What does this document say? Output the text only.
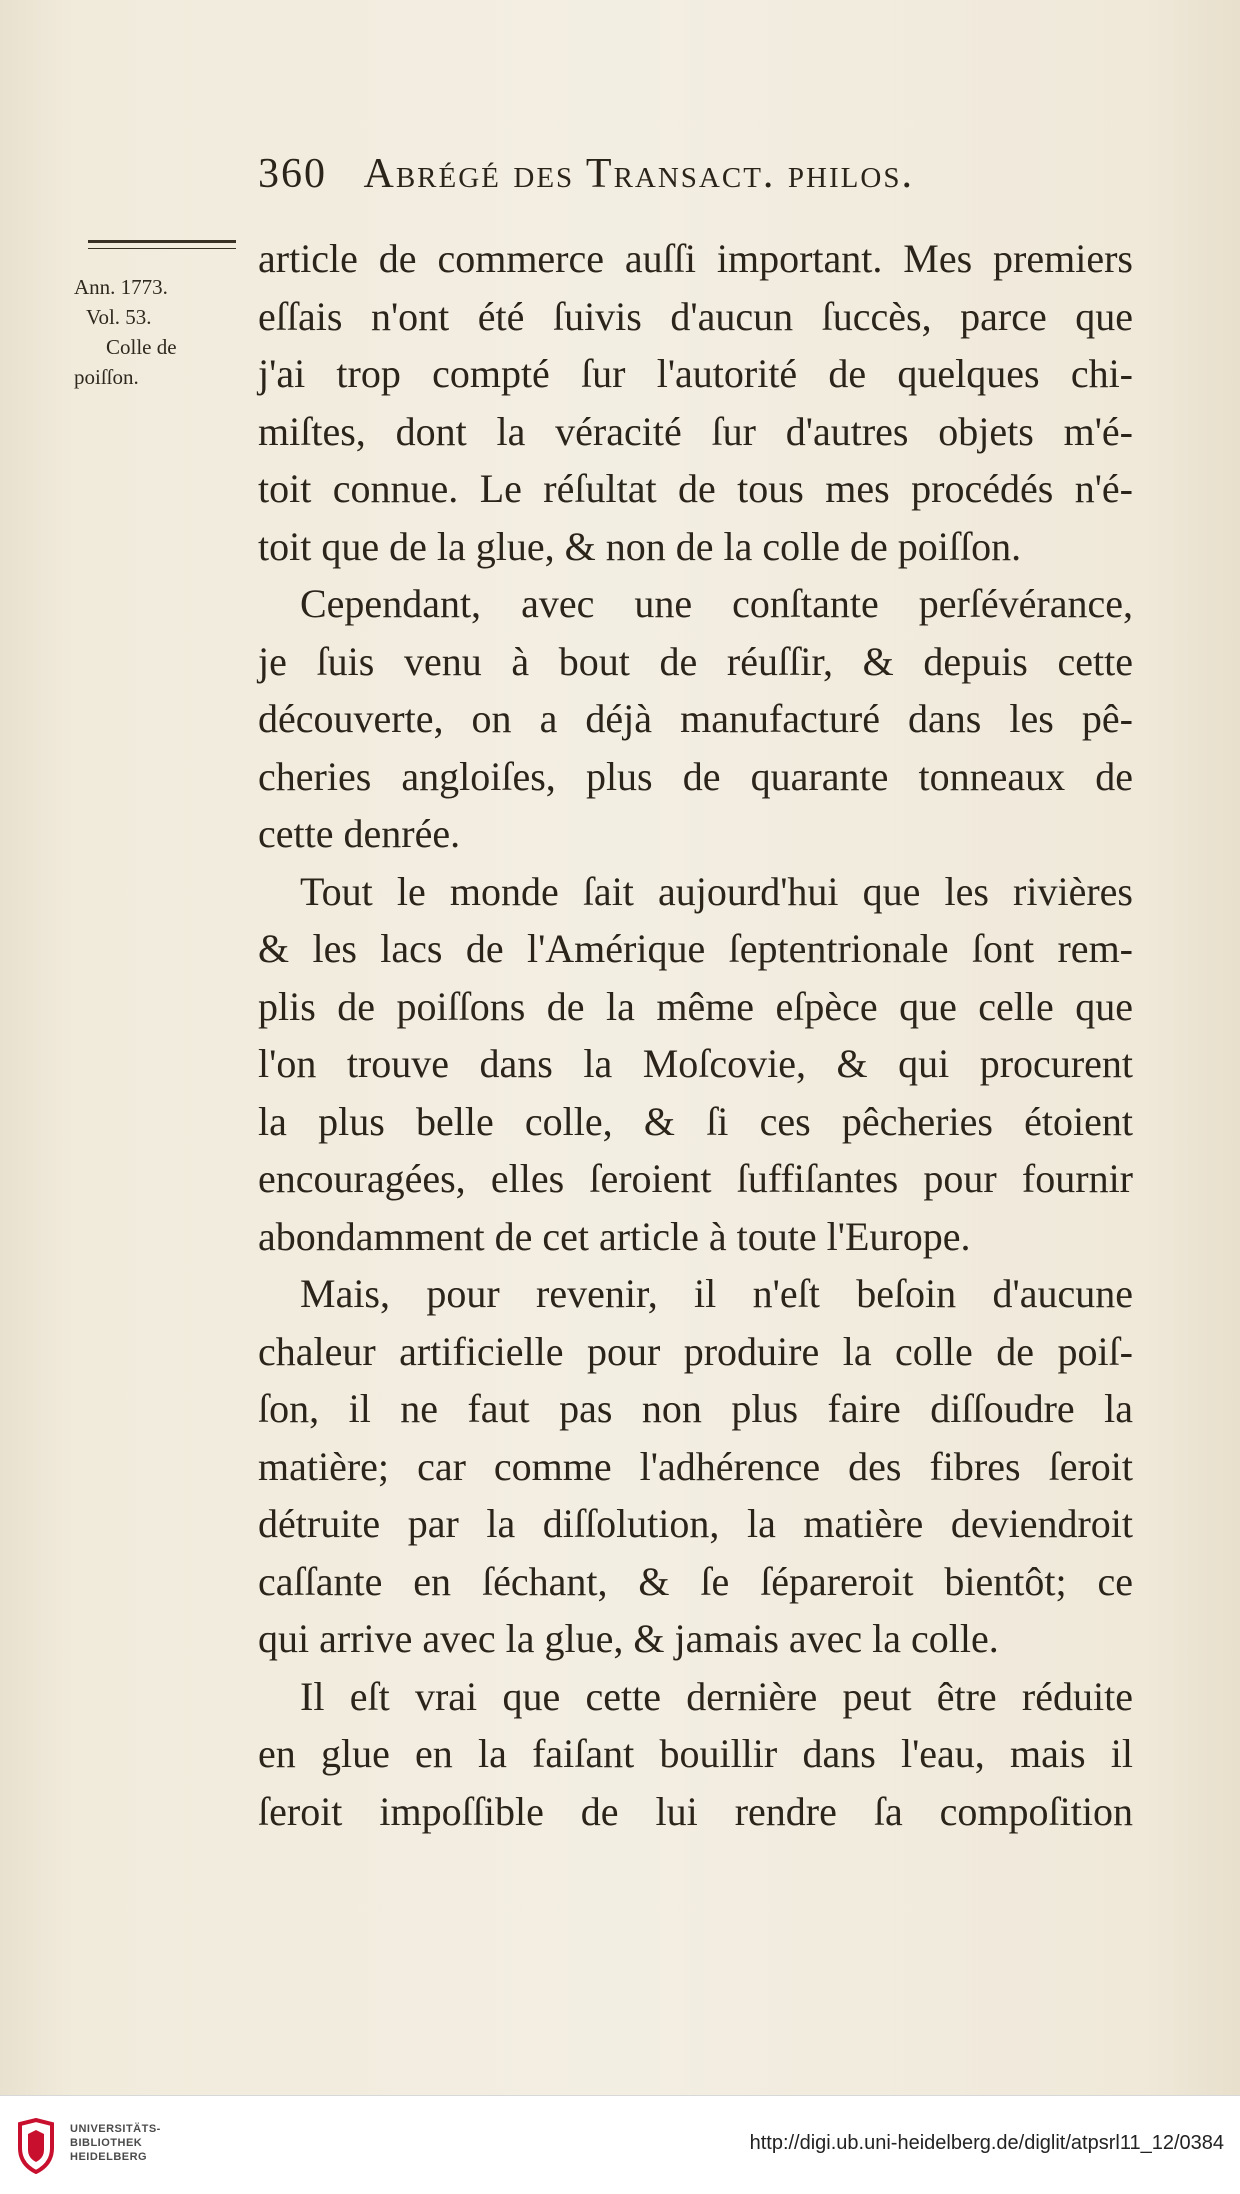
360 Abrégé des Transact. philos.
Ann. 1773.
Vol. 53.
Colle de
poiſſon.
article de commerce auſſi important. Mes premiers
eſſais n'ont été ſuivis d'aucun ſuccès, parce que
j'ai trop compté ſur l'autorité de quelques chi-
miſtes, dont la véracité ſur d'autres objets m'é-
toit connue. Le réſultat de tous mes procédés n'é-
toit que de la glue, & non de la colle de poiſſon.
Cependant, avec une conſtante perſévérance,
je ſuis venu à bout de réuſſir, & depuis cette
découverte, on a déjà manufacturé dans les pê-
cheries angloiſes, plus de quarante tonneaux de
cette denrée.
Tout le monde ſait aujourd'hui que les rivières
& les lacs de l'Amérique ſeptentrionale ſont rem-
plis de poiſſons de la même eſpèce que celle que
l'on trouve dans la Moſcovie, & qui procurent
la plus belle colle, & ſi ces pêcheries étoient
encouragées, elles ſeroient ſuffiſantes pour fournir
abondamment de cet article à toute l'Europe.
Mais, pour revenir, il n'eſt beſoin d'aucune
chaleur artificielle pour produire la colle de poiſ-
ſon, il ne faut pas non plus faire diſſoudre la
matière; car comme l'adhérence des fibres ſeroit
détruite par la diſſolution, la matière deviendroit
caſſante en ſéchant, & ſe ſépareroit bientôt; ce
qui arrive avec la glue, & jamais avec la colle.
Il eſt vrai que cette dernière peut être réduite
en glue en la faiſant bouillir dans l'eau, mais il
ſeroit impoſſible de lui rendre ſa compoſition
UNIVERSITÄTS-
BIBLIOTHEK
HEIDELBERG
http://digi.ub.uni-heidelberg.de/diglit/atpsrl11_12/0384
